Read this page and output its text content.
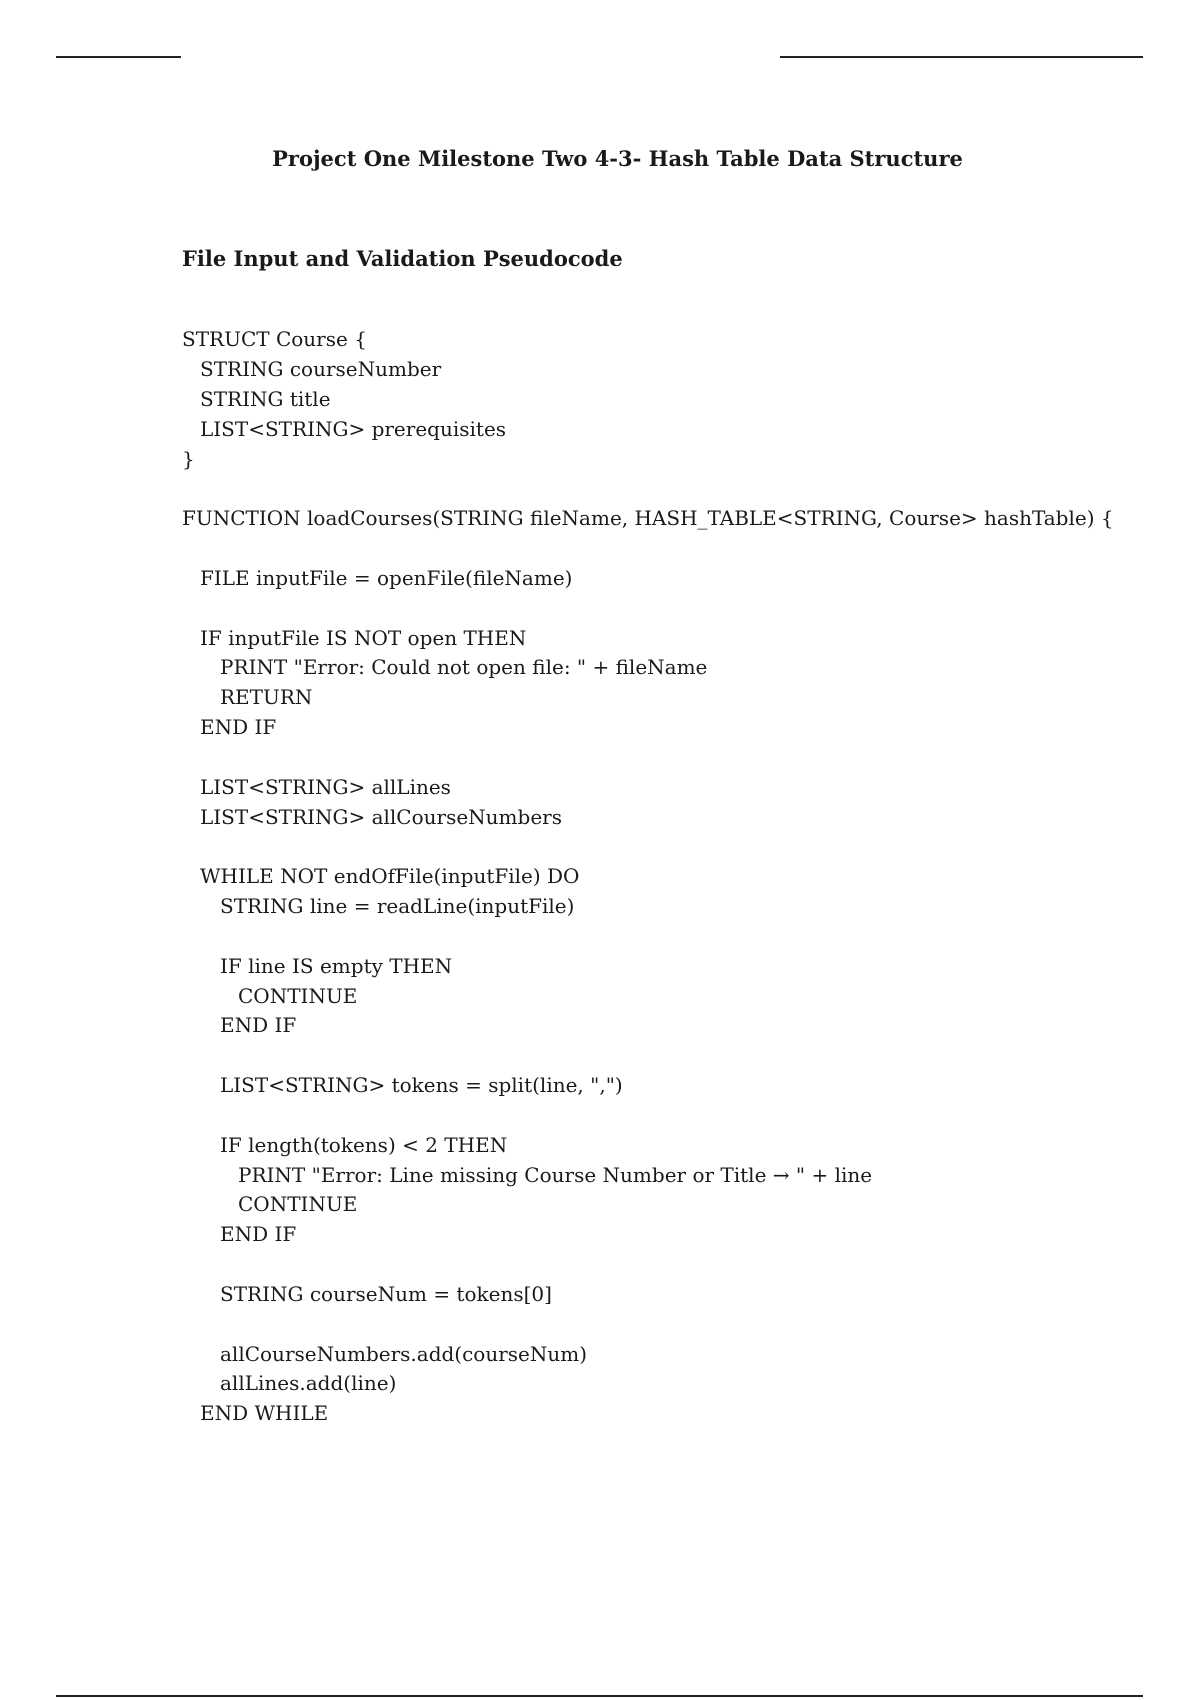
Project One Milestone Two 4-3- Hash Table Data Structure
File Input and Validation Pseudocode

STRUCT Course {

STRING courseNumber

STRING title

LIST<STRING> prerequisites

}

FUNCTION loadCourses(STRING fileName, HASH_TABLE<STRING, Course> hashTable) {

FILE inputFile = openFile(fileName)

IF inputFile IS NOT open THEN

PRINT "Error: Could not open file: " + fileName

RETURN

END IF

LIST<STRING> allLines

LIST<STRING> allCourseNumbers

WHILE NOT endOfFile(inputFile) DO

STRING line = readLine(inputFile)

IF line IS empty THEN

CONTINUE

END IF

LIST<STRING> tokens = split(line, ",")

IF length(tokens) < 2 THEN

PRINT "Error: Line missing Course Number or Title → " + line

CONTINUE

END IF

STRING courseNum = tokens[0]

allCourseNumbers.add(courseNum)

allLines.add(line)

END WHILE
